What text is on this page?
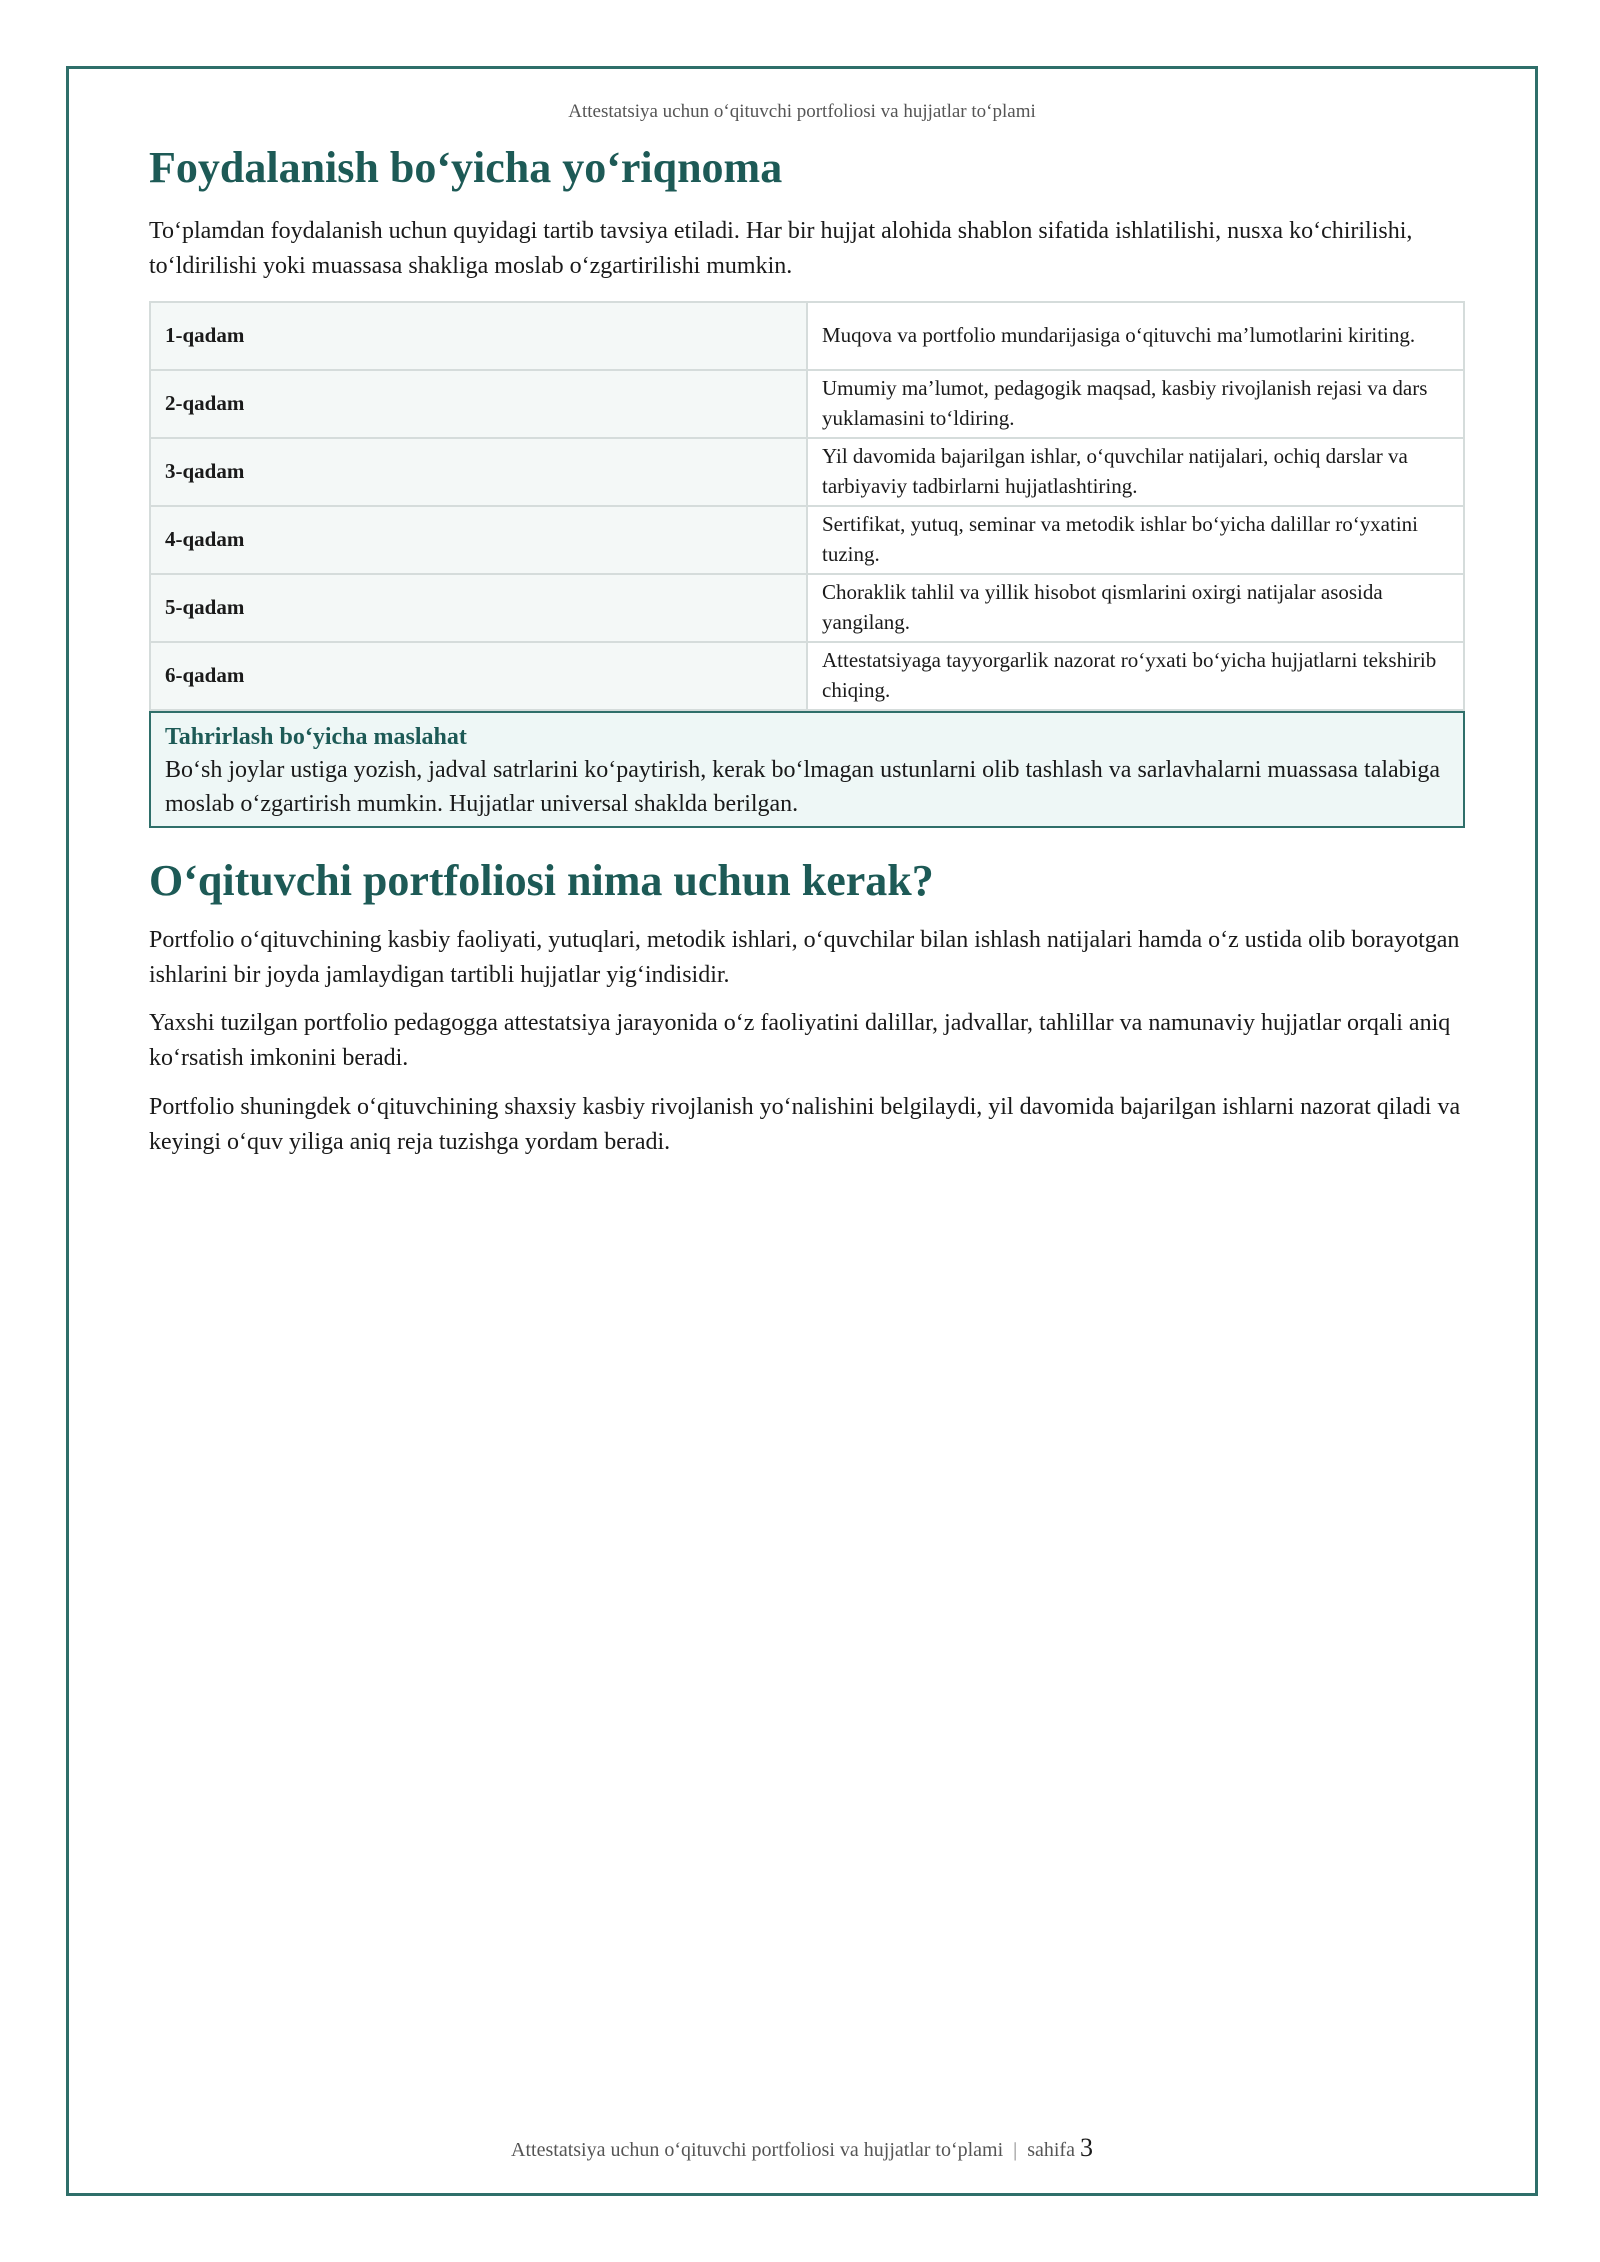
Attestatsiya uchun o‘qituvchi portfoliosi va hujjatlar to‘plami
Foydalanish bo‘yicha yo‘riqnoma

To‘plamdan foydalanish uchun quyidagi tartib tavsiya etiladi. Har bir hujjat alohida shablon sifatida ishlatilishi, nusxa ko‘chirilishi, to‘ldirilishi yoki muassasa shakliga moslab o‘zgartirilishi mumkin.

1-qadam	Muqova va portfolio mundarijasiga o‘qituvchi ma’lumotlarini kiriting.
2-qadam	Umumiy ma’lumot, pedagogik maqsad, kasbiy rivojlanish rejasi va dars yuklamasini to‘ldiring.
3-qadam	Yil davomida bajarilgan ishlar, o‘quvchilar natijalari, ochiq darslar va tarbiyaviy tadbirlarni hujjatlashtiring.
4-qadam	Sertifikat, yutuq, seminar va metodik ishlar bo‘yicha dalillar ro‘yxatini tuzing.
5-qadam	Choraklik tahlil va yillik hisobot qismlarini oxirgi natijalar asosida yangilang.
6-qadam	Attestatsiyaga tayyorgarlik nazorat ro‘yxati bo‘yicha hujjatlarni tekshirib chiqing.
Tahrirlash bo‘yicha maslahat
Bo‘sh joylar ustiga yozish, jadval satrlarini ko‘paytirish, kerak bo‘lmagan ustunlarni olib tashlash va sarlavhalarni muassasa talabiga moslab o‘zgartirish mumkin. Hujjatlar universal shaklda berilgan.
O‘qituvchi portfoliosi nima uchun kerak?

Portfolio o‘qituvchining kasbiy faoliyati, yutuqlari, metodik ishlari, o‘quvchilar bilan ishlash natijalari hamda o‘z ustida olib borayotgan ishlarini bir joyda jamlaydigan tartibli hujjatlar yig‘indisidir.

Yaxshi tuzilgan portfolio pedagogga attestatsiya jarayonida o‘z faoliyatini dalillar, jadvallar, tahlillar va namunaviy hujjatlar orqali aniq ko‘rsatish imkonini beradi.

Portfolio shuningdek o‘qituvchining shaxsiy kasbiy rivojlanish yo‘nalishini belgilaydi, yil davomida bajarilgan ishlarni nazorat qiladi va keyingi o‘quv yiliga aniq reja tuzishga yordam beradi.

Attestatsiya uchun o‘qituvchi portfoliosi va hujjatlar to‘plami | sahifa 3
